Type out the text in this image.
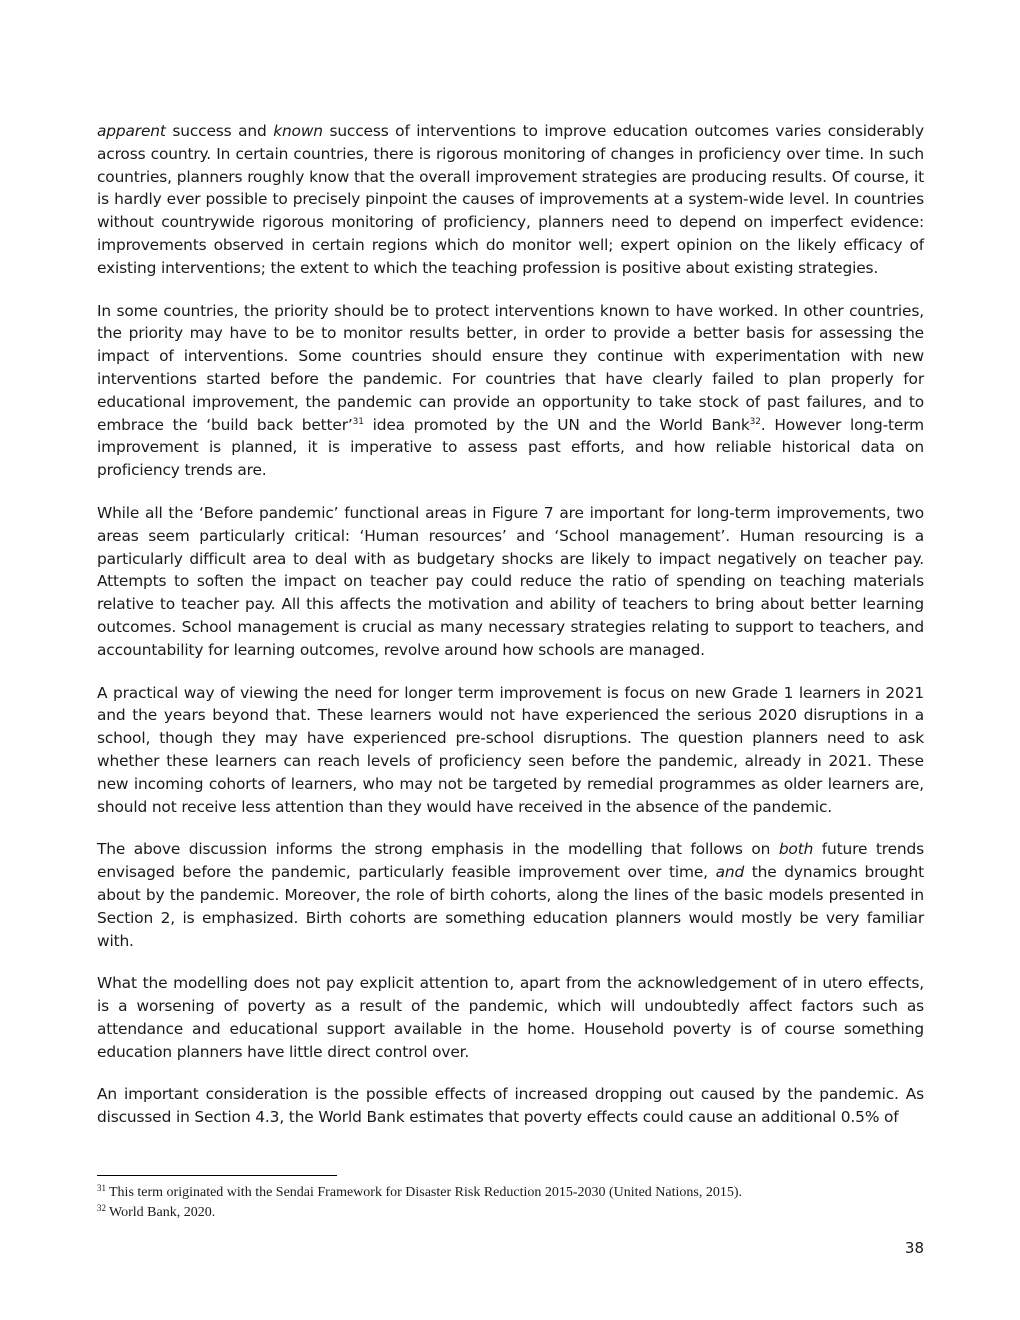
apparent success and known success of interventions to improve education outcomes varies considerably across country. In certain countries, there is rigorous monitoring of changes in proficiency over time. In such countries, planners roughly know that the overall improvement strategies are producing results. Of course, it is hardly ever possible to precisely pinpoint the causes of improvements at a system-wide level. In countries without countrywide rigorous monitoring of proficiency, planners need to depend on imperfect evidence: improvements observed in certain regions which do monitor well; expert opinion on the likely efficacy of existing interventions; the extent to which the teaching profession is positive about existing strategies.

In some countries, the priority should be to protect interventions known to have worked. In other countries, the priority may have to be to monitor results better, in order to provide a better basis for assessing the impact of interventions. Some countries should ensure they continue with experimentation with new interventions started before the pandemic. For countries that have clearly failed to plan properly for educational improvement, the pandemic can provide an opportunity to take stock of past failures, and to embrace the ‘build back better’$^{31}$ idea promoted by the UN and the World Bank$^{32}$. However long-term improvement is planned, it is imperative to assess past efforts, and how reliable historical data on proficiency trends are.

While all the ‘Before pandemic’ functional areas in Figure 7 are important for long-term improvements, two areas seem particularly critical: ‘Human resources’ and ‘School management’. Human resourcing is a particularly difficult area to deal with as budgetary shocks are likely to impact negatively on teacher pay. Attempts to soften the impact on teacher pay could reduce the ratio of spending on teaching materials relative to teacher pay. All this affects the motivation and ability of teachers to bring about better learning outcomes. School management is crucial as many necessary strategies relating to support to teachers, and accountability for learning outcomes, revolve around how schools are managed.

A practical way of viewing the need for longer term improvement is focus on new Grade 1 learners in 2021 and the years beyond that. These learners would not have experienced the serious 2020 disruptions in a school, though they may have experienced pre-school disruptions. The question planners need to ask whether these learners can reach levels of proficiency seen before the pandemic, already in 2021. These new incoming cohorts of learners, who may not be targeted by remedial programmes as older learners are, should not receive less attention than they would have received in the absence of the pandemic.

The above discussion informs the strong emphasis in the modelling that follows on both future trends envisaged before the pandemic, particularly feasible improvement over time, and the dynamics brought about by the pandemic. Moreover, the role of birth cohorts, along the lines of the basic models presented in Section 2, is emphasized. Birth cohorts are something education planners would mostly be very familiar with.

What the modelling does not pay explicit attention to, apart from the acknowledgement of in utero effects, is a worsening of poverty as a result of the pandemic, which will undoubtedly affect factors such as attendance and educational support available in the home. Household poverty is of course something education planners have little direct control over.

An important consideration is the possible effects of increased dropping out caused by the pandemic. As discussed in Section 4.3, the World Bank estimates that poverty effects could cause an additional 0.5% of

$^{31}$ This term originated with the Sendai Framework for Disaster Risk Reduction 2015-2030 (United Nations, 2015).
$^{32}$ World Bank, 2020.
38
